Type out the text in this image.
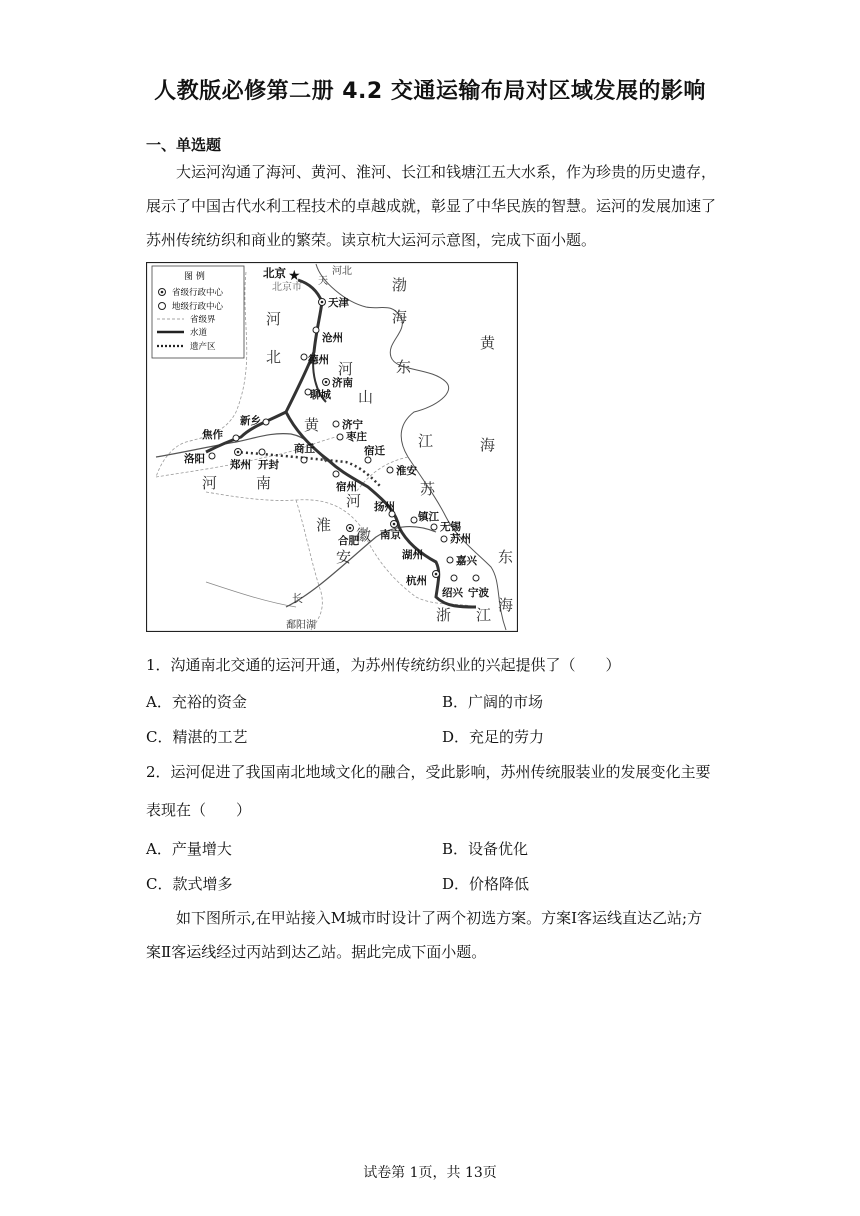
人教版必修第二册 4.2 交通运输布局对区域发展的影响
一、单选题
大运河沟通了海河、黄河、淮河、长江和钱塘江五大水系，作为珍贵的历史遗存，
展示了中国古代水利工程技术的卓越成就，彰显了中华民族的智慧。运河的发展加速了
苏州传统纺织和商业的繁荣。读京杭大运河示意图，完成下面小题。
图 例
省级行政中心
地级行政中心
省级界
水道
遗产区
渤
海
黄
海
河
北
东
山
河
江
苏
河	南
安
徽
浙 江
黄
淮
河
东
海
长
天
河北
北京市
鄱阳湖
北京 ★
天津
沧州
德州
济南
聊城
济宁
枣庄
宿迁
淮安
扬州
镇江
南京
无锡
苏州
湖州	嘉兴
杭州
绍兴 宁波
新乡
焦作
洛阳 郑州 开封
商丘
宿州
合肥
1．沟通南北交通的运河开通，为苏州传统纺织业的兴起提供了（　　）
A．充裕的资金	B．广阔的市场
C．精湛的工艺	D．充足的劳力
2．运河促进了我国南北地域文化的融合，受此影响，苏州传统服装业的发展变化主要
表现在（　　）
A．产量增大	B．设备优化
C．款式增多	D．价格降低
如下图所示,在甲站接入M城市时设计了两个初选方案。方案Ⅰ客运线直达乙站;方
案Ⅱ客运线经过丙站到达乙站。据此完成下面小题。
试卷第 1页，共 13页
